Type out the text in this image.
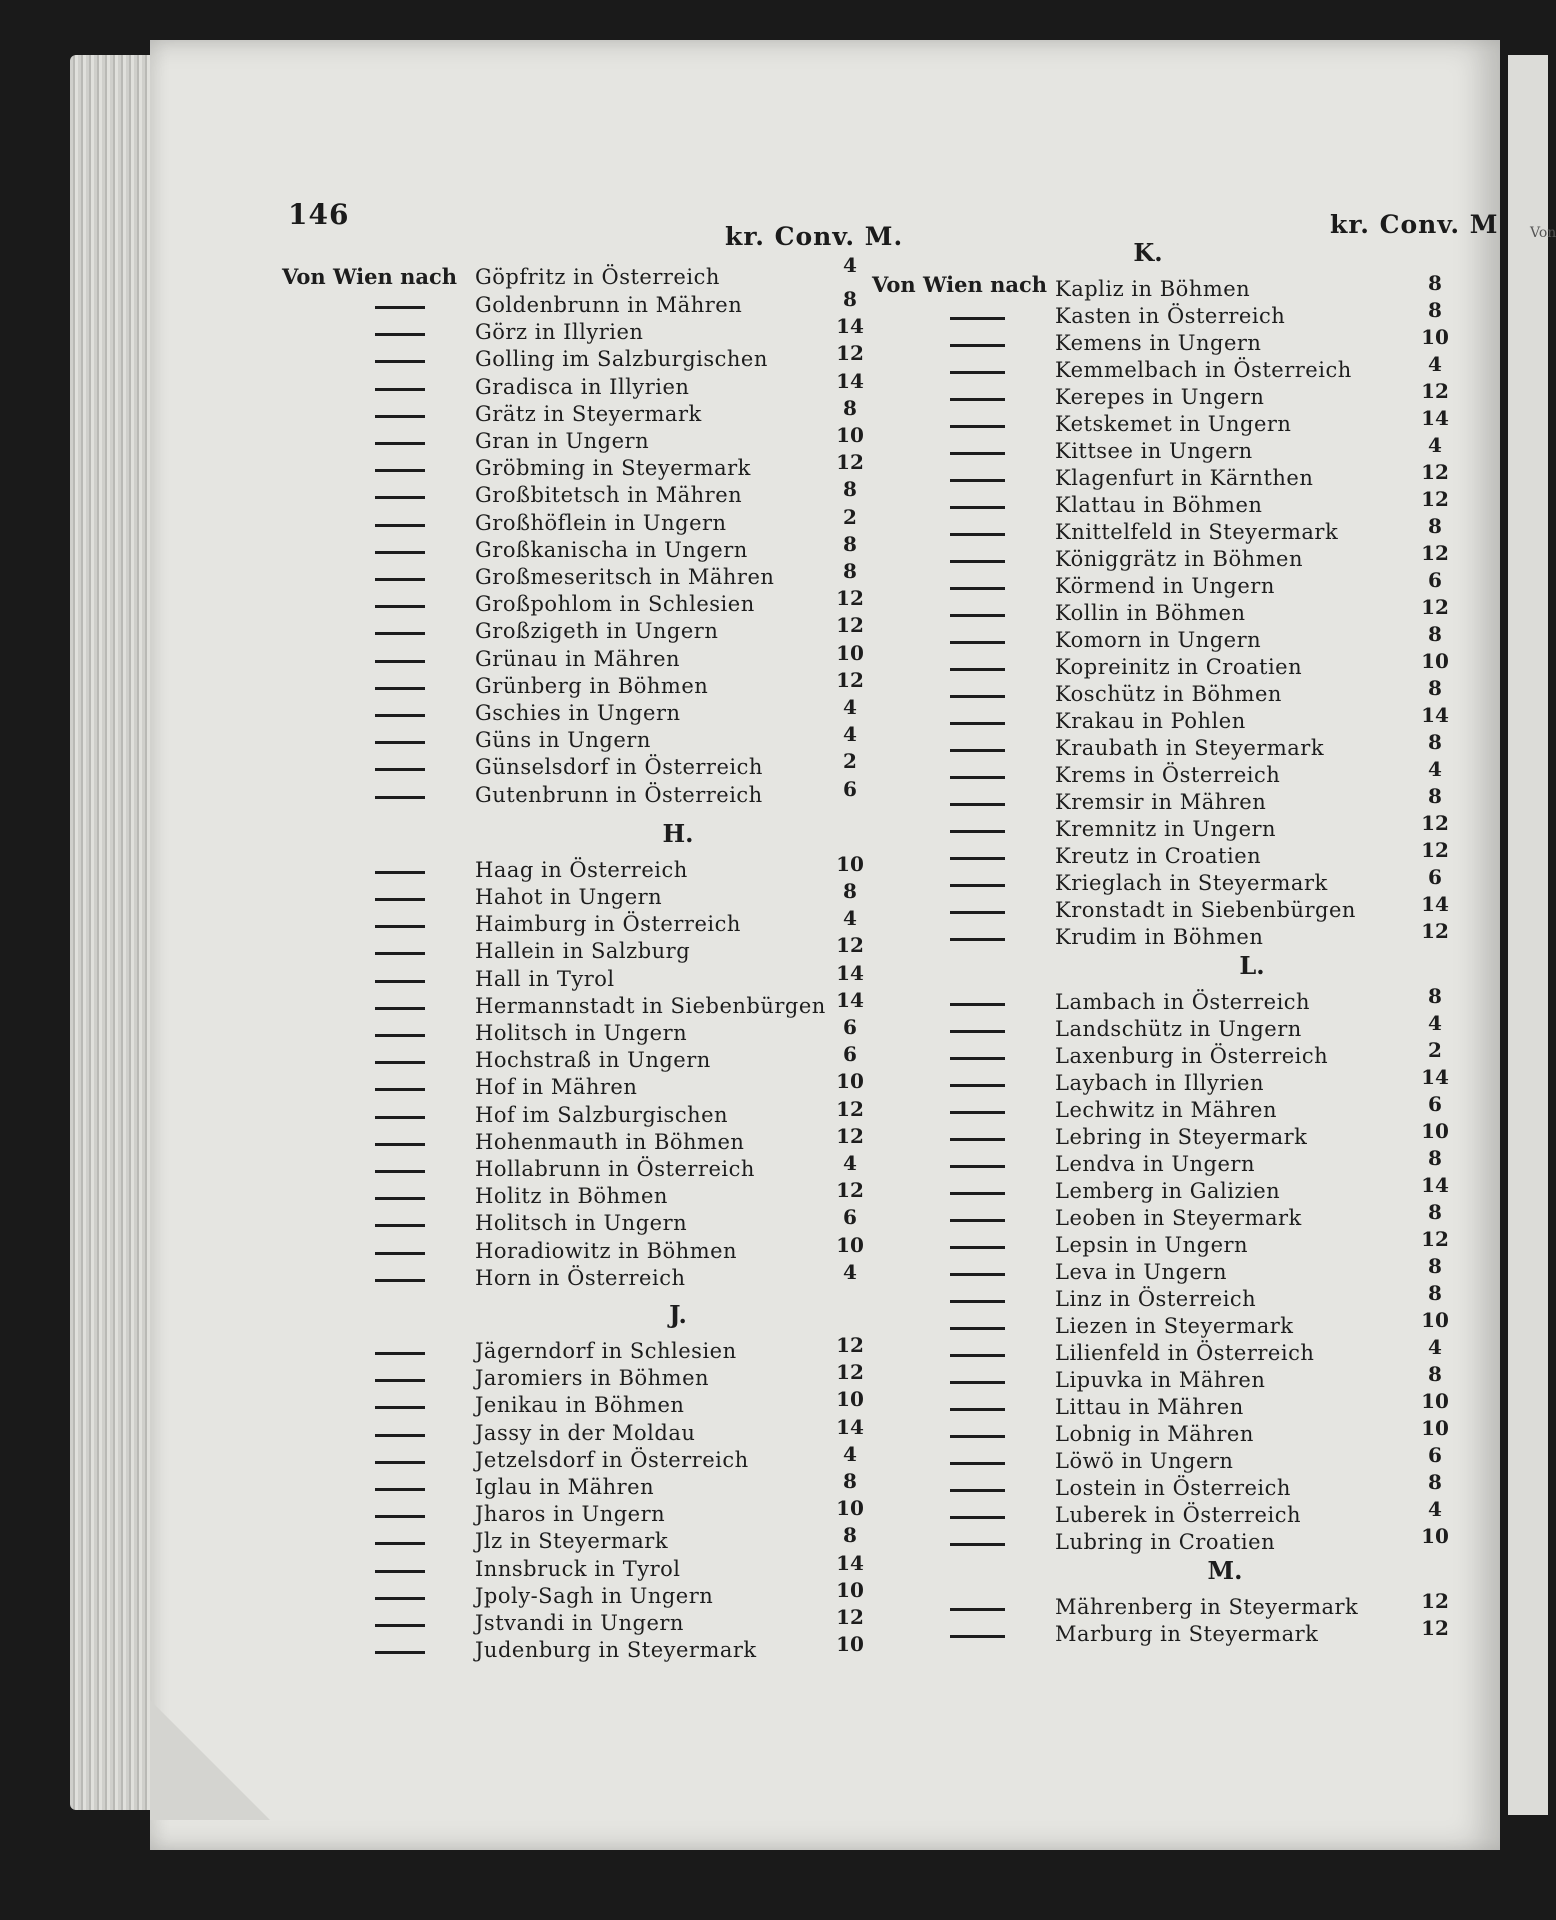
146
kr. Conv. M.	kr. Conv. M Von
Von Wien nach Göpfritz in Österreich	4
Goldenbrunn in Mähren	8
Görz in Illyrien	14
Golling im Salzburgischen	12
Gradisca in Illyrien	14
Grätz in Steyermark	8
Gran in Ungern	10
Gröbming in Steyermark	12
Großbitetsch in Mähren	8
Großhöflein in Ungern	2
Großkanischa in Ungern	8
Großmeseritsch in Mähren	8
Großpohlom in Schlesien	12
Großzigeth in Ungern	12
Grünau in Mähren	10
Grünberg in Böhmen	12
Gschies in Ungern	4
Güns in Ungern	4
Günselsdorf in Österreich	2
Gutenbrunn in Österreich	6
H.
Haag in Österreich	10
Hahot in Ungern	8
Haimburg in Österreich	4
Hallein in Salzburg	12
Hall in Tyrol	14
Hermannstadt in Siebenbürgen 14
Holitsch in Ungern	6
Hochstraß in Ungern	6
Hof in Mähren	10
Hof im Salzburgischen	12
Hohenmauth in Böhmen	12
Hollabrunn in Österreich	4
Holitz in Böhmen	12
Holitsch in Ungern	6
Horadiowitz in Böhmen	10
Horn in Österreich	4
J.
Jägerndorf in Schlesien	12
Jaromiers in Böhmen	12
Jenikau in Böhmen	10
Jassy in der Moldau	14
Jetzelsdorf in Österreich	4
Iglau in Mähren	8
Jharos in Ungern	10
Jlz in Steyermark	8
Innsbruck in Tyrol	14
Jpoly-Sagh in Ungern	10
Jstvandi in Ungern	12
Judenburg in Steyermark	10
K.
Von Wien nach Kapliz in Böhmen	8
Kasten in Österreich	8
Kemens in Ungern	10
Kemmelbach in Österreich	4
Kerepes in Ungern	12
Ketskemet in Ungern	14
Kittsee in Ungern	4
Klagenfurt in Kärnthen	12
Klattau in Böhmen	12
Knittelfeld in Steyermark	8
Königgrätz in Böhmen	12
Körmend in Ungern	6
Kollin in Böhmen	12
Komorn in Ungern	8
Kopreinitz in Croatien	10
Koschütz in Böhmen	8
Krakau in Pohlen	14
Kraubath in Steyermark	8
Krems in Österreich	4
Kremsir in Mähren	8
Kremnitz in Ungern	12
Kreutz in Croatien	12
Krieglach in Steyermark	6
Kronstadt in Siebenbürgen	14
Krudim in Böhmen	12
L.
Lambach in Österreich	8
Landschütz in Ungern	4
Laxenburg in Österreich	2
Laybach in Illyrien	14
Lechwitz in Mähren	6
Lebring in Steyermark	10
Lendva in Ungern	8
Lemberg in Galizien	14
Leoben in Steyermark	8
Lepsin in Ungern	12
Leva in Ungern	8
Linz in Österreich	8
Liezen in Steyermark	10
Lilienfeld in Österreich	4
Lipuvka in Mähren	8
Littau in Mähren	10
Lobnig in Mähren	10
Löwö in Ungern	6
Lostein in Österreich	8
Luberek in Österreich	4
Lubring in Croatien	10
M.
Mährenberg in Steyermark	12
Marburg in Steyermark	12
